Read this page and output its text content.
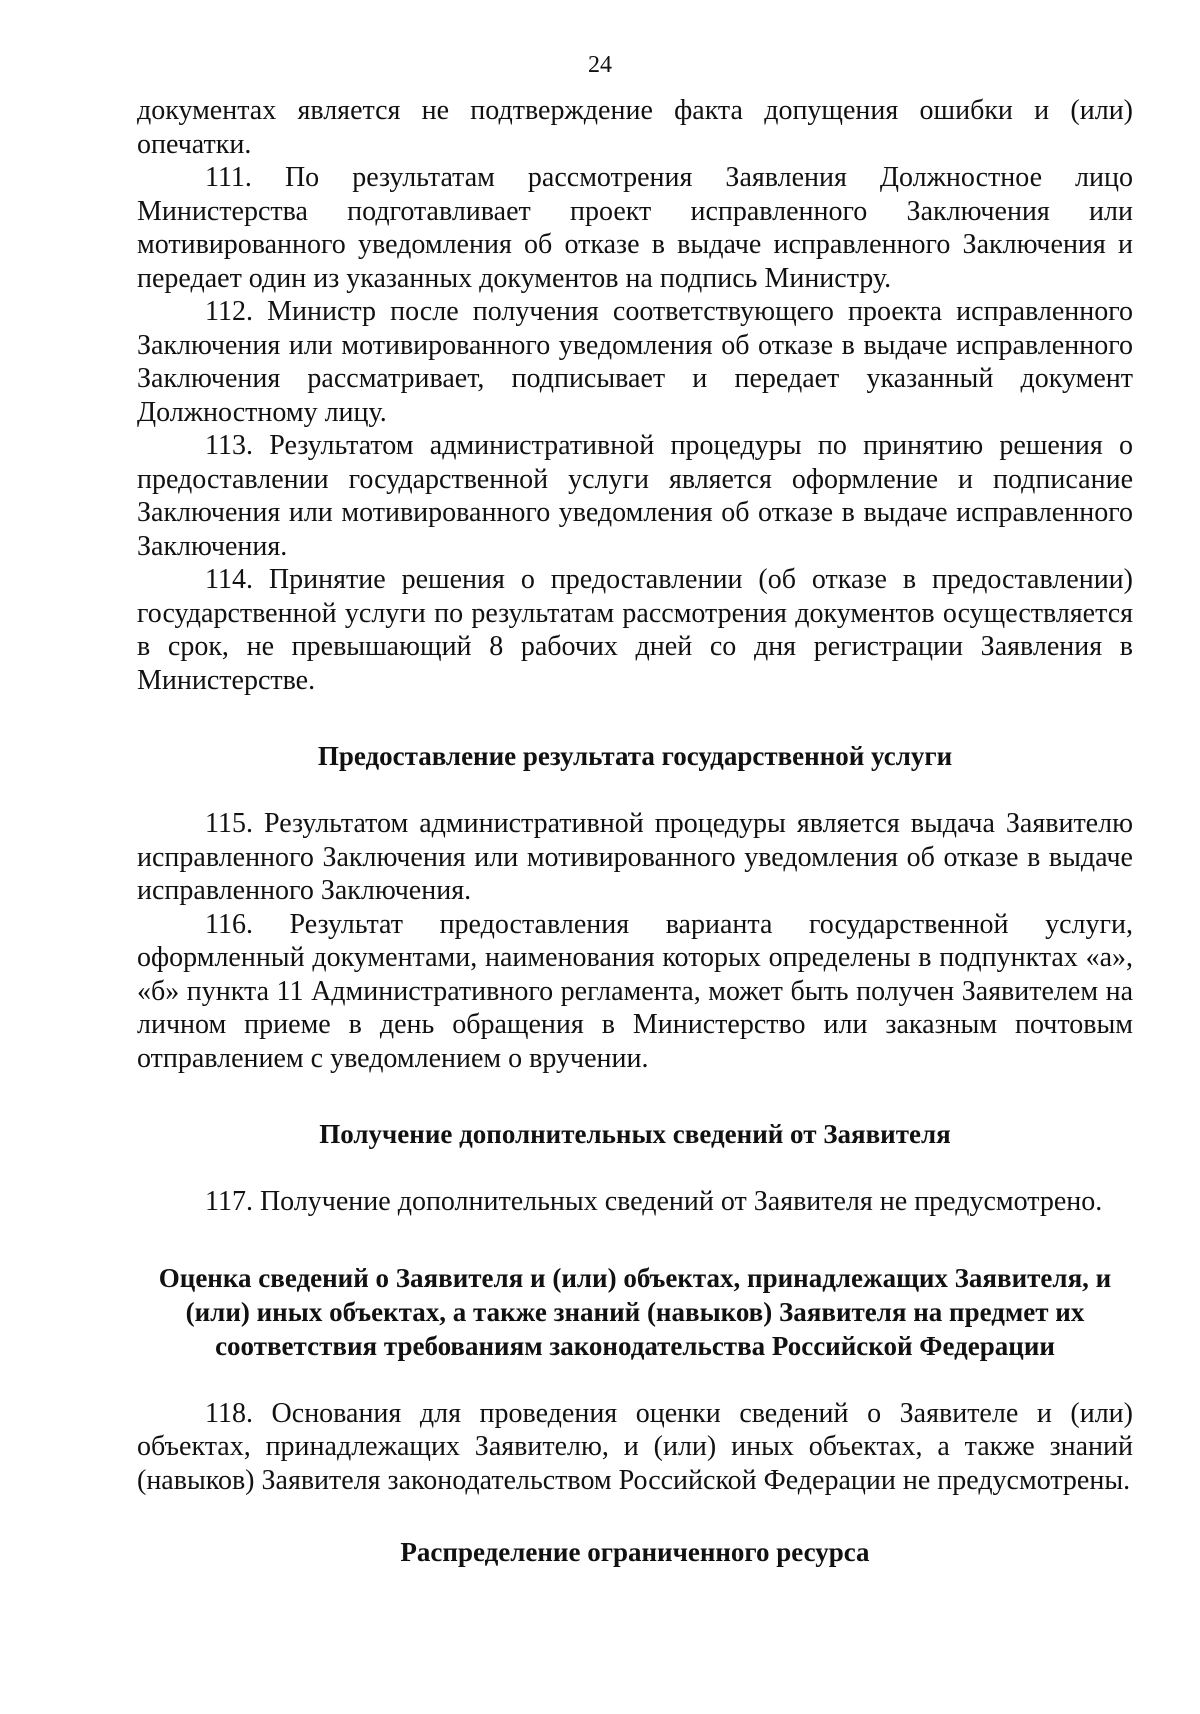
24

документах является не подтверждение факта допущения ошибки и (или) опечатки.

111. По результатам рассмотрения Заявления Должностное лицо Министерства подготавливает проект исправленного Заключения или мотивированного уведомления об отказе в выдаче исправленного Заключения и передает один из указанных документов на подпись Министру.

112. Министр после получения соответствующего проекта исправленного Заключения или мотивированного уведомления об отказе в выдаче исправленного Заключения рассматривает, подписывает и передает указанный документ Должностному лицу.

113. Результатом административной процедуры по принятию решения о предоставлении государственной услуги является оформление и подписание Заключения или мотивированного уведомления об отказе в выдаче исправленного Заключения.

114. Принятие решения о предоставлении (об отказе в предоставлении) государственной услуги по результатам рассмотрения документов осуществляется в срок, не превышающий 8 рабочих дней со дня регистрации Заявления в Министерстве.

Предоставление результата государственной услуги

115. Результатом административной процедуры является выдача Заявителю исправленного Заключения или мотивированного уведомления об отказе в выдаче исправленного Заключения.

116. Результат предоставления варианта государственной услуги, оформленный документами, наименования которых определены в подпунктах «а», «б» пункта 11 Административного регламента, может быть получен Заявителем на личном приеме в день обращения в Министерство или заказным почтовым отправлением с уведомлением о вручении.

Получение дополнительных сведений от Заявителя

117. Получение дополнительных сведений от Заявителя не предусмотрено.

Оценка сведений о Заявителя и (или) объектах, принадлежащих Заявителя, и (или) иных объектах, а также знаний (навыков) Заявителя на предмет их соответствия требованиям законодательства Российской Федерации

118. Основания для проведения оценки сведений о Заявителе и (или) объектах, принадлежащих Заявителю, и (или) иных объектах, а также знаний (навыков) Заявителя законодательством Российской Федерации не предусмотрены.

Распределение ограниченного ресурса
